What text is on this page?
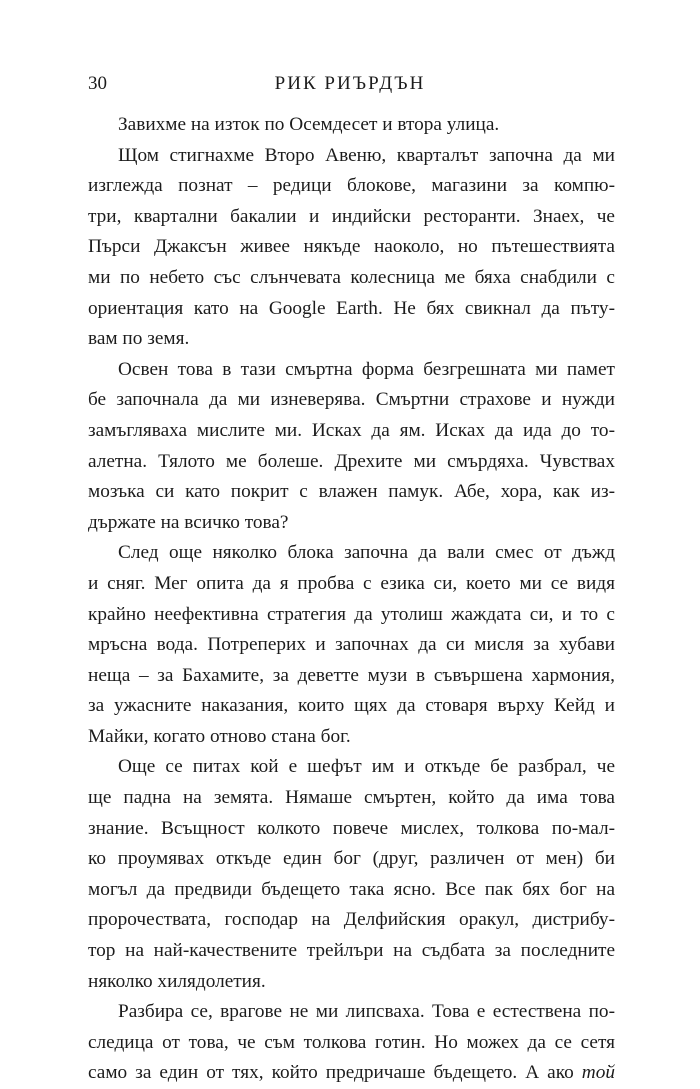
30	РИК РИЪРДЪН
Завихме на изток по Осемдесет и втора улица.
Щом стигнахме Второ Авеню, кварталът започна да ми
изглежда познат – редици блокове, магазини за компю-
три, квартални бакалии и индийски ресторанти. Знаех, че
Пърси Джаксън живее някъде наоколо, но пътешествията
ми по небето със слънчевата колесница ме бяха снабдили с
ориентация като на Google Earth. Не бях свикнал да пъту-
вам по земя.
Освен това в тази смъртна форма безгрешната ми памет
бе започнала да ми изневерява. Смъртни страхове и нужди
замъгляваха мислите ми. Исках да ям. Исках да ида до то-
алетна. Тялото ме болеше. Дрехите ми смърдяха. Чувствах
мозъка си като покрит с влажен памук. Абе, хора, как из-
държате на всичко това?
След още няколко блока започна да вали смес от дъжд
и сняг. Мег опита да я пробва с езика си, което ми се видя
крайно неефективна стратегия да утолиш жаждата си, и то с
мръсна вода. Потреперих и започнах да си мисля за хубави
неща – за Бахамите, за деветте музи в съвършена хармония,
за ужасните наказания, които щях да стоваря върху Кейд и
Майки, когато отново стана бог.
Още се питах кой е шефът им и откъде бе разбрал, че
ще падна на земята. Нямаше смъртен, който да има това
знание. Всъщност колкото повече мислех, толкова по-мал-
ко проумявах откъде един бог (друг, различен от мен) би
могъл да предвиди бъдещето така ясно. Все пак бях бог на
пророчествата, господар на Делфийския оракул, дистрибу-
тор на най-качествените трейлъри на съдбата за последните
няколко хилядолетия.
Разбира се, врагове не ми липсваха. Това е естествена по-
следица от това, че съм толкова готин. Но можех да се сетя
само за един от тях, който предричаше бъдещето. А ако той
